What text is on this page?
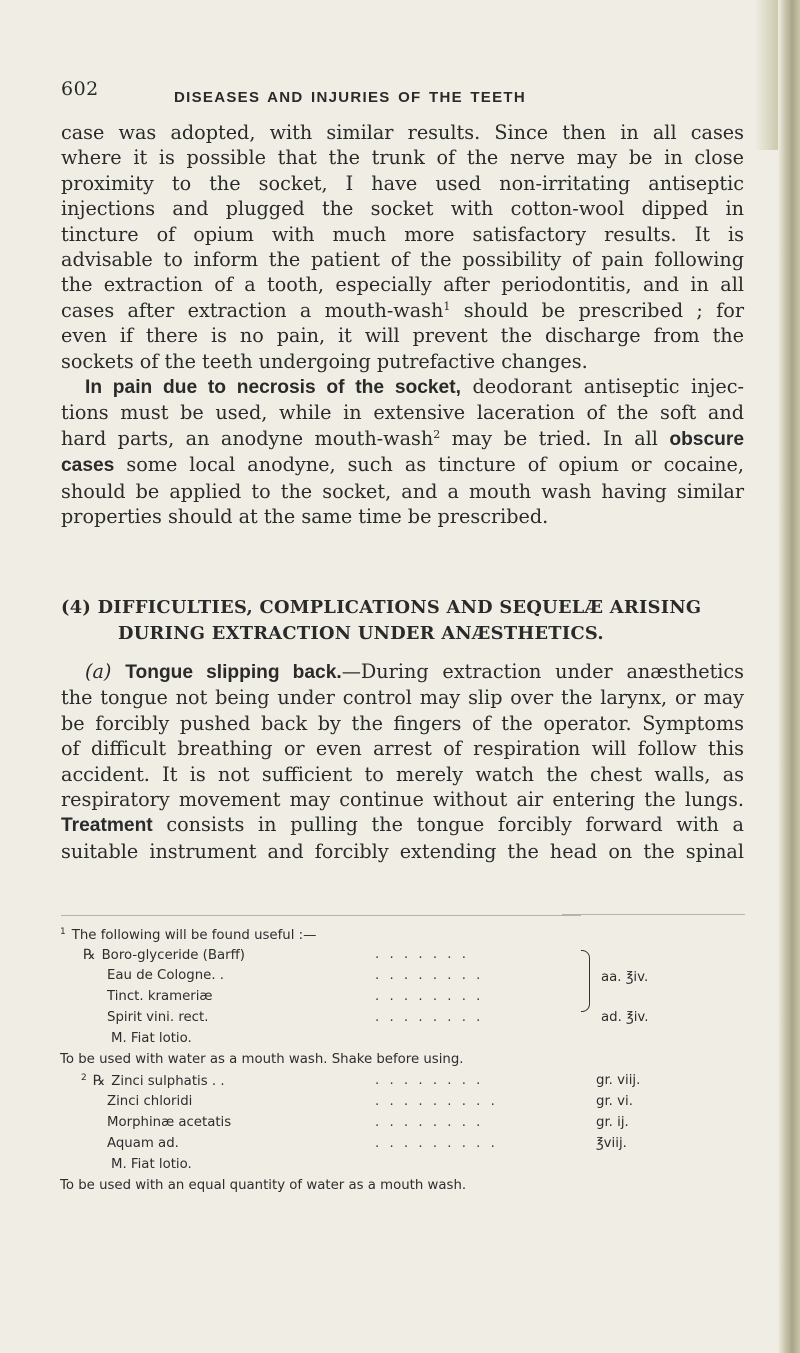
602	DISEASES AND INJURIES OF THE TEETH
case was adopted, with similar results. Since then in all cases
where it is possible that the trunk of the nerve may be in close
proximity to the socket, I have used non-irritating antiseptic
injections and plugged the socket with cotton-wool dipped in
tincture of opium with much more satisfactory results. It is
advisable to inform the patient of the possibility of pain following
the extraction of a tooth, especially after periodontitis, and in all
cases after extraction a mouth-wash$^1$ should be prescribed ; for
even if there is no pain, it will prevent the discharge from the
sockets of the teeth undergoing putrefactive changes.
In pain due to necrosis of the socket, deodorant antiseptic injec-
tions must be used, while in extensive laceration of the soft and
hard parts, an anodyne mouth-wash$^2$ may be tried. In all obscure
cases some local anodyne, such as tincture of opium or cocaine,
should be applied to the socket, and a mouth wash having similar
properties should at the same time be prescribed.
(4) DIFFICULTIES, COMPLICATIONS AND SEQUELÆ ARISING
DURING EXTRACTION UNDER ANÆSTHETICS.
(a) Tongue slipping back.—During extraction under anæsthetics
the tongue not being under control may slip over the larynx, or may
be forcibly pushed back by the fingers of the operator. Symptoms
of difficult breathing or even arrest of respiration will follow this
accident. It is not sufficient to merely watch the chest walls, as
respiratory movement may continue without air entering the lungs.
Treatment consists in pulling the tongue forcibly forward with a
suitable instrument and forcibly extending the head on the spinal
$^1$ The following will be found useful :—
℞ Boro-glyceride (Barff)	. . . . . . .
Eau de Cologne. .	. . . . . . . .
Tinct. krameriæ	. . . . . . . .
aa. ℥iv.
Spirit vini. rect.	. . . . . . . .	ad. ℥iv.
M. Fiat lotio.
To be used with water as a mouth wash. Shake before using.
$^2$ ℞ Zinci sulphatis . .	. . . . . . . .	gr. viij.
Zinci chloridi	. . . . . . . . .	gr. vi.
Morphinæ acetatis	. . . . . . . .	gr. ij.
Aquam ad.	. . . . . . . . .	℥viij.
M. Fiat lotio.
To be used with an equal quantity of water as a mouth wash.
